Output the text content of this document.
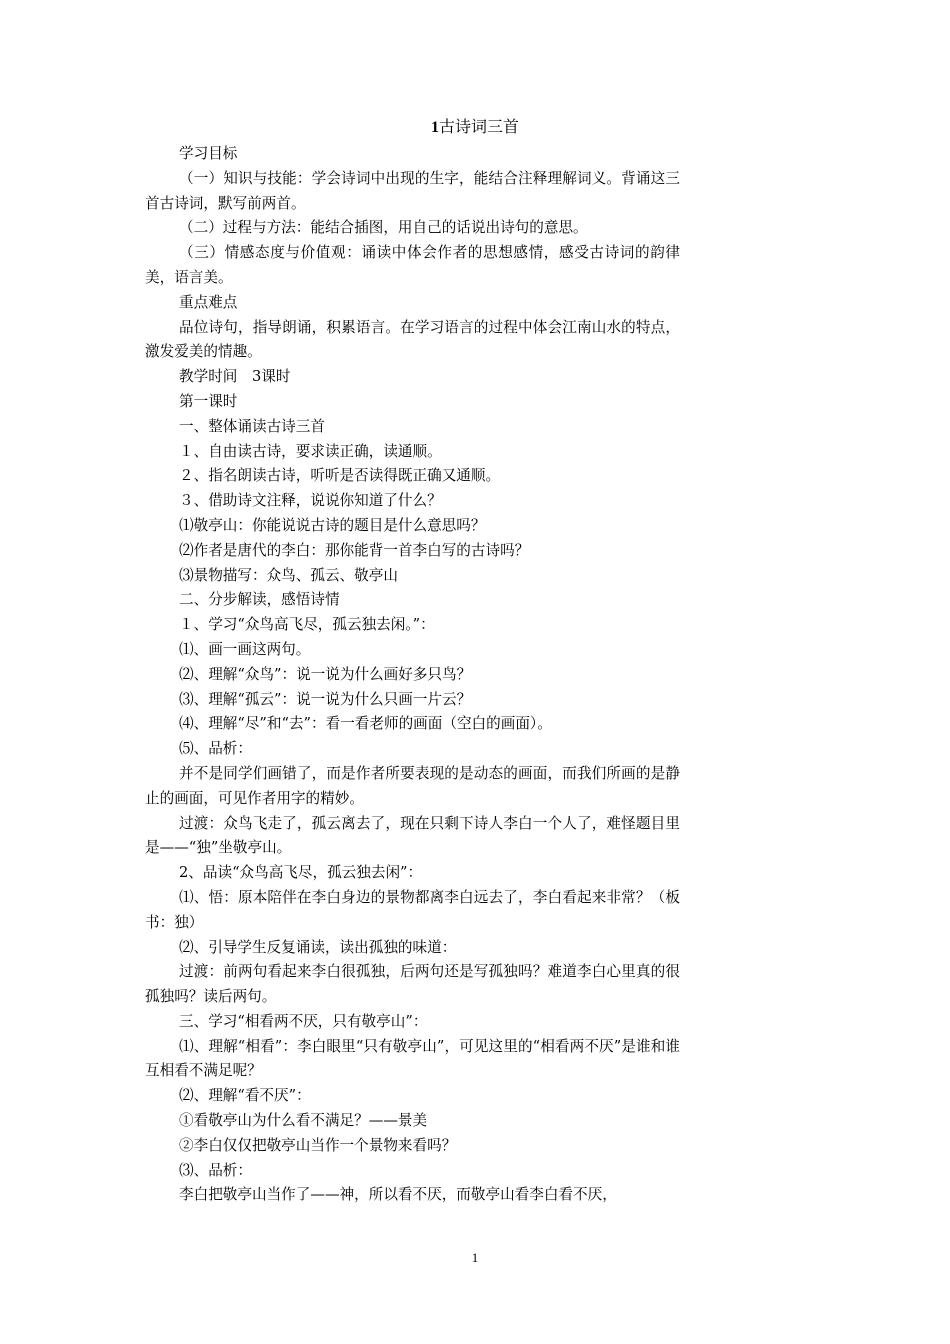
1古诗词三首

学习目标

（一）知识与技能：学会诗词中出现的生字，能结合注释理解词义。背诵这三首古诗词，默写前两首。

（二）过程与方法：能结合插图，用自己的话说出诗句的意思。

（三）情感态度与价值观：诵读中体会作者的思想感情，感受古诗词的韵律美，语言美。

重点难点

品位诗句，指导朗诵，积累语言。在学习语言的过程中体会江南山水的特点，激发爱美的情趣。

教学时间　3课时

第一课时

一、整体诵读古诗三首

１、自由读古诗，要求读正确，读通顺。

２、指名朗读古诗，听听是否读得既正确又通顺。

３、借助诗文注释，说说你知道了什么？

⑴敬亭山：你能说说古诗的题目是什么意思吗？

⑵作者是唐代的李白：那你能背一首李白写的古诗吗？

⑶景物描写：众鸟、孤云、敬亭山

二、分步解读，感悟诗情

１、学习“众鸟高飞尽，孤云独去闲。”：

⑴、画一画这两句。

⑵、理解“众鸟”：说一说为什么画好多只鸟？

⑶、理解“孤云”：说一说为什么只画一片云？

⑷、理解“尽”和“去”：看一看老师的画面（空白的画面）。

⑸、品析：

并不是同学们画错了，而是作者所要表现的是动态的画面，而我们所画的是静止的画面，可见作者用字的精妙。

过渡：众鸟飞走了，孤云离去了，现在只剩下诗人李白一个人了，难怪题目里是——“独”坐敬亭山。

2、品读“众鸟高飞尽，孤云独去闲”：

⑴、悟：原本陪伴在李白身边的景物都离李白远去了，李白看起来非常？（板书：独）

⑵、引导学生反复诵读，读出孤独的味道：

过渡：前两句看起来李白很孤独，后两句还是写孤独吗？难道李白心里真的很孤独吗？读后两句。

三、学习“相看两不厌，只有敬亭山”：

⑴、理解“相看”：李白眼里“只有敬亭山”，可见这里的“相看两不厌”是谁和谁互相看不满足呢？

⑵、理解“看不厌”：

①看敬亭山为什么看不满足？——景美

②李白仅仅把敬亭山当作一个景物来看吗？

⑶、品析：

李白把敬亭山当作了——神，所以看不厌，而敬亭山看李白看不厌，

1
